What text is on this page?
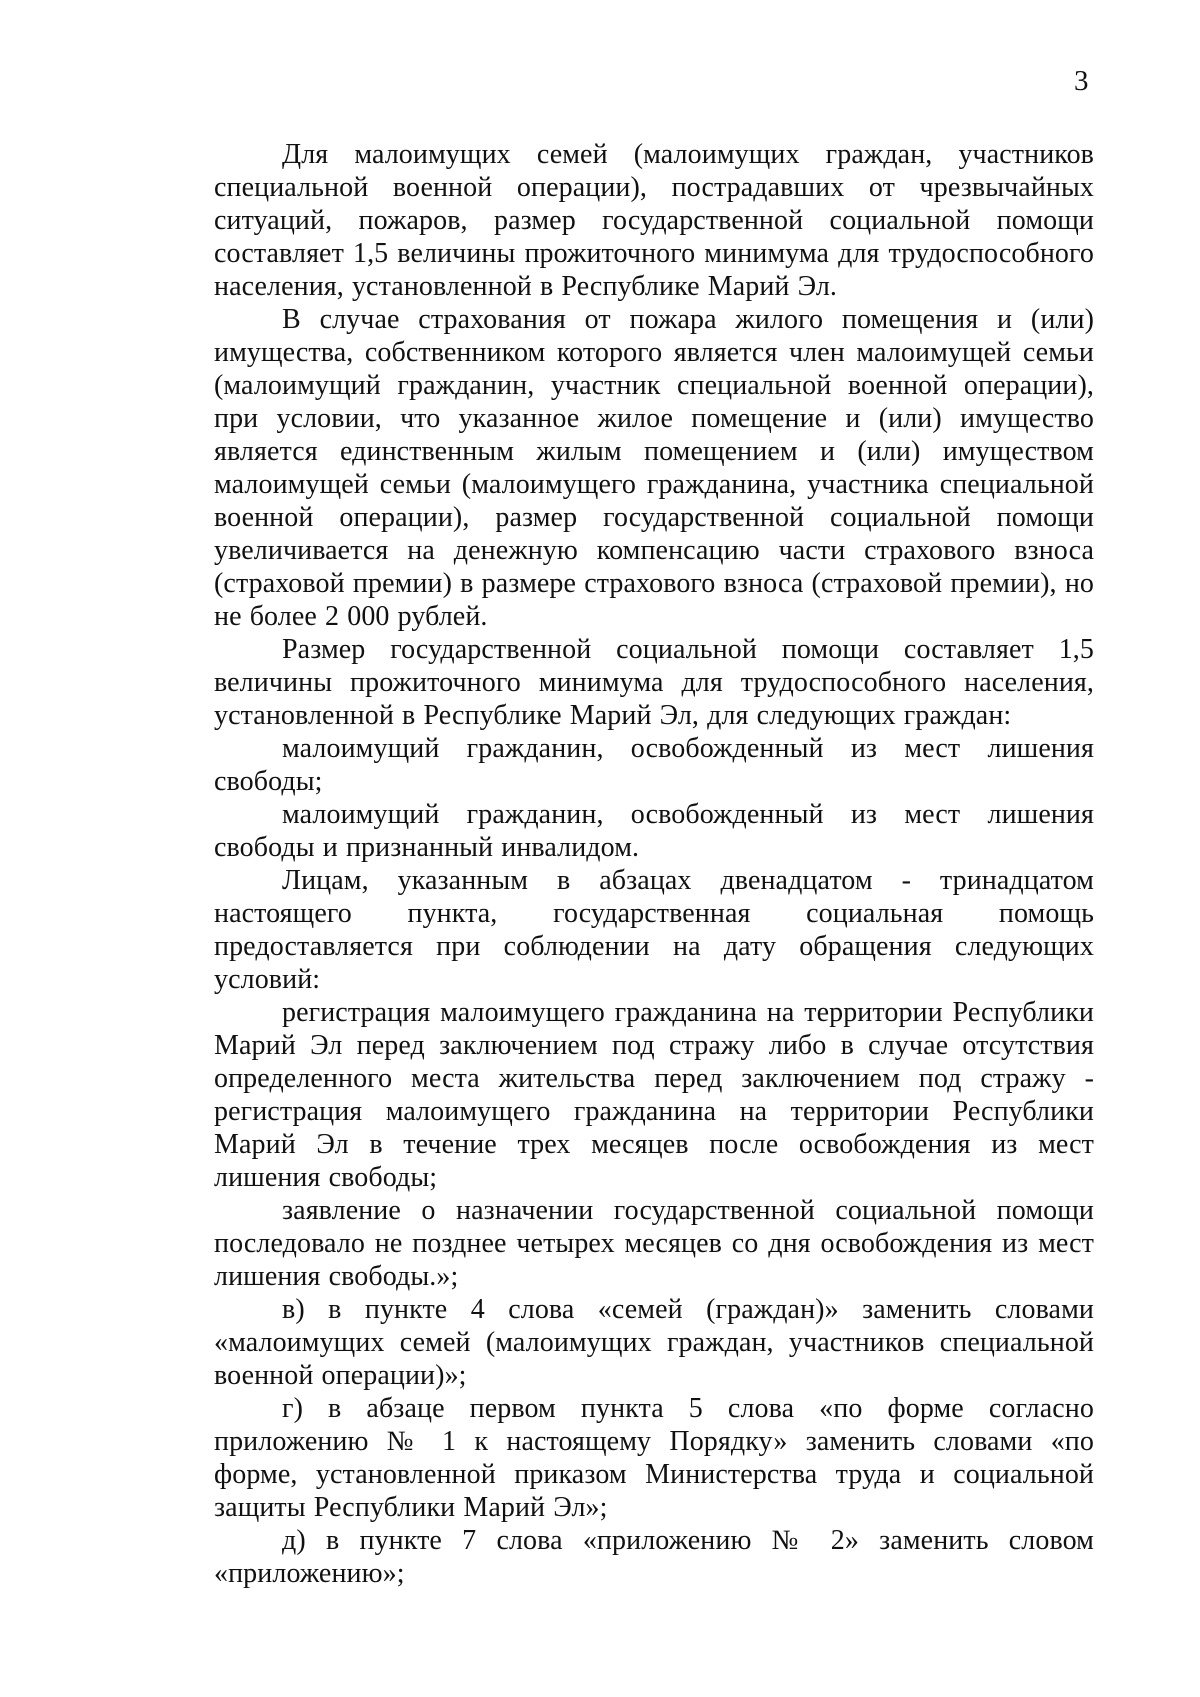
3

Для малоимущих семей (малоимущих граждан, участников специальной военной операции), пострадавших от чрезвычайных ситуаций, пожаров, размер государственной социальной помощи составляет 1,5 величины прожиточного минимума для трудоспособного населения, установленной в Республике Марий Эл.

В случае страхования от пожара жилого помещения и (или) имущества, собственником которого является член малоимущей семьи (малоимущий гражданин, участник специальной военной операции), при условии, что указанное жилое помещение и (или) имущество является единственным жилым помещением и (или) имуществом малоимущей семьи (малоимущего гражданина, участника специальной военной операции), размер государственной социальной помощи увеличивается на денежную компенсацию части страхового взноса (страховой премии) в размере страхового взноса (страховой премии), но не более 2 000 рублей.

Размер государственной социальной помощи составляет 1,5 величины прожиточного минимума для трудоспособного населения, установленной в Республике Марий Эл, для следующих граждан:

малоимущий гражданин, освобожденный из мест лишения свободы;

малоимущий гражданин, освобожденный из мест лишения свободы и признанный инвалидом.

Лицам, указанным в абзацах двенадцатом - тринадцатом настоящего пункта, государственная социальная помощь предоставляется при соблюдении на дату обращения следующих условий:

регистрация малоимущего гражданина на территории Республики Марий Эл перед заключением под стражу либо в случае отсутствия определенного места жительства перед заключением под стражу - регистрация малоимущего гражданина на территории Республики Марий Эл в течение трех месяцев после освобождения из мест лишения свободы;

заявление о назначении государственной социальной помощи последовало не позднее четырех месяцев со дня освобождения из мест лишения свободы.»;

в) в пункте 4 слова «семей (граждан)» заменить словами «малоимущих семей (малоимущих граждан, участников специальной военной операции)»;

г) в абзаце первом пункта 5 слова «по форме согласно приложению № 1 к настоящему Порядку» заменить словами «по форме, установленной приказом Министерства труда и социальной защиты Республики Марий Эл»;

д) в пункте 7 слова «приложению № 2» заменить словом «приложению»;
